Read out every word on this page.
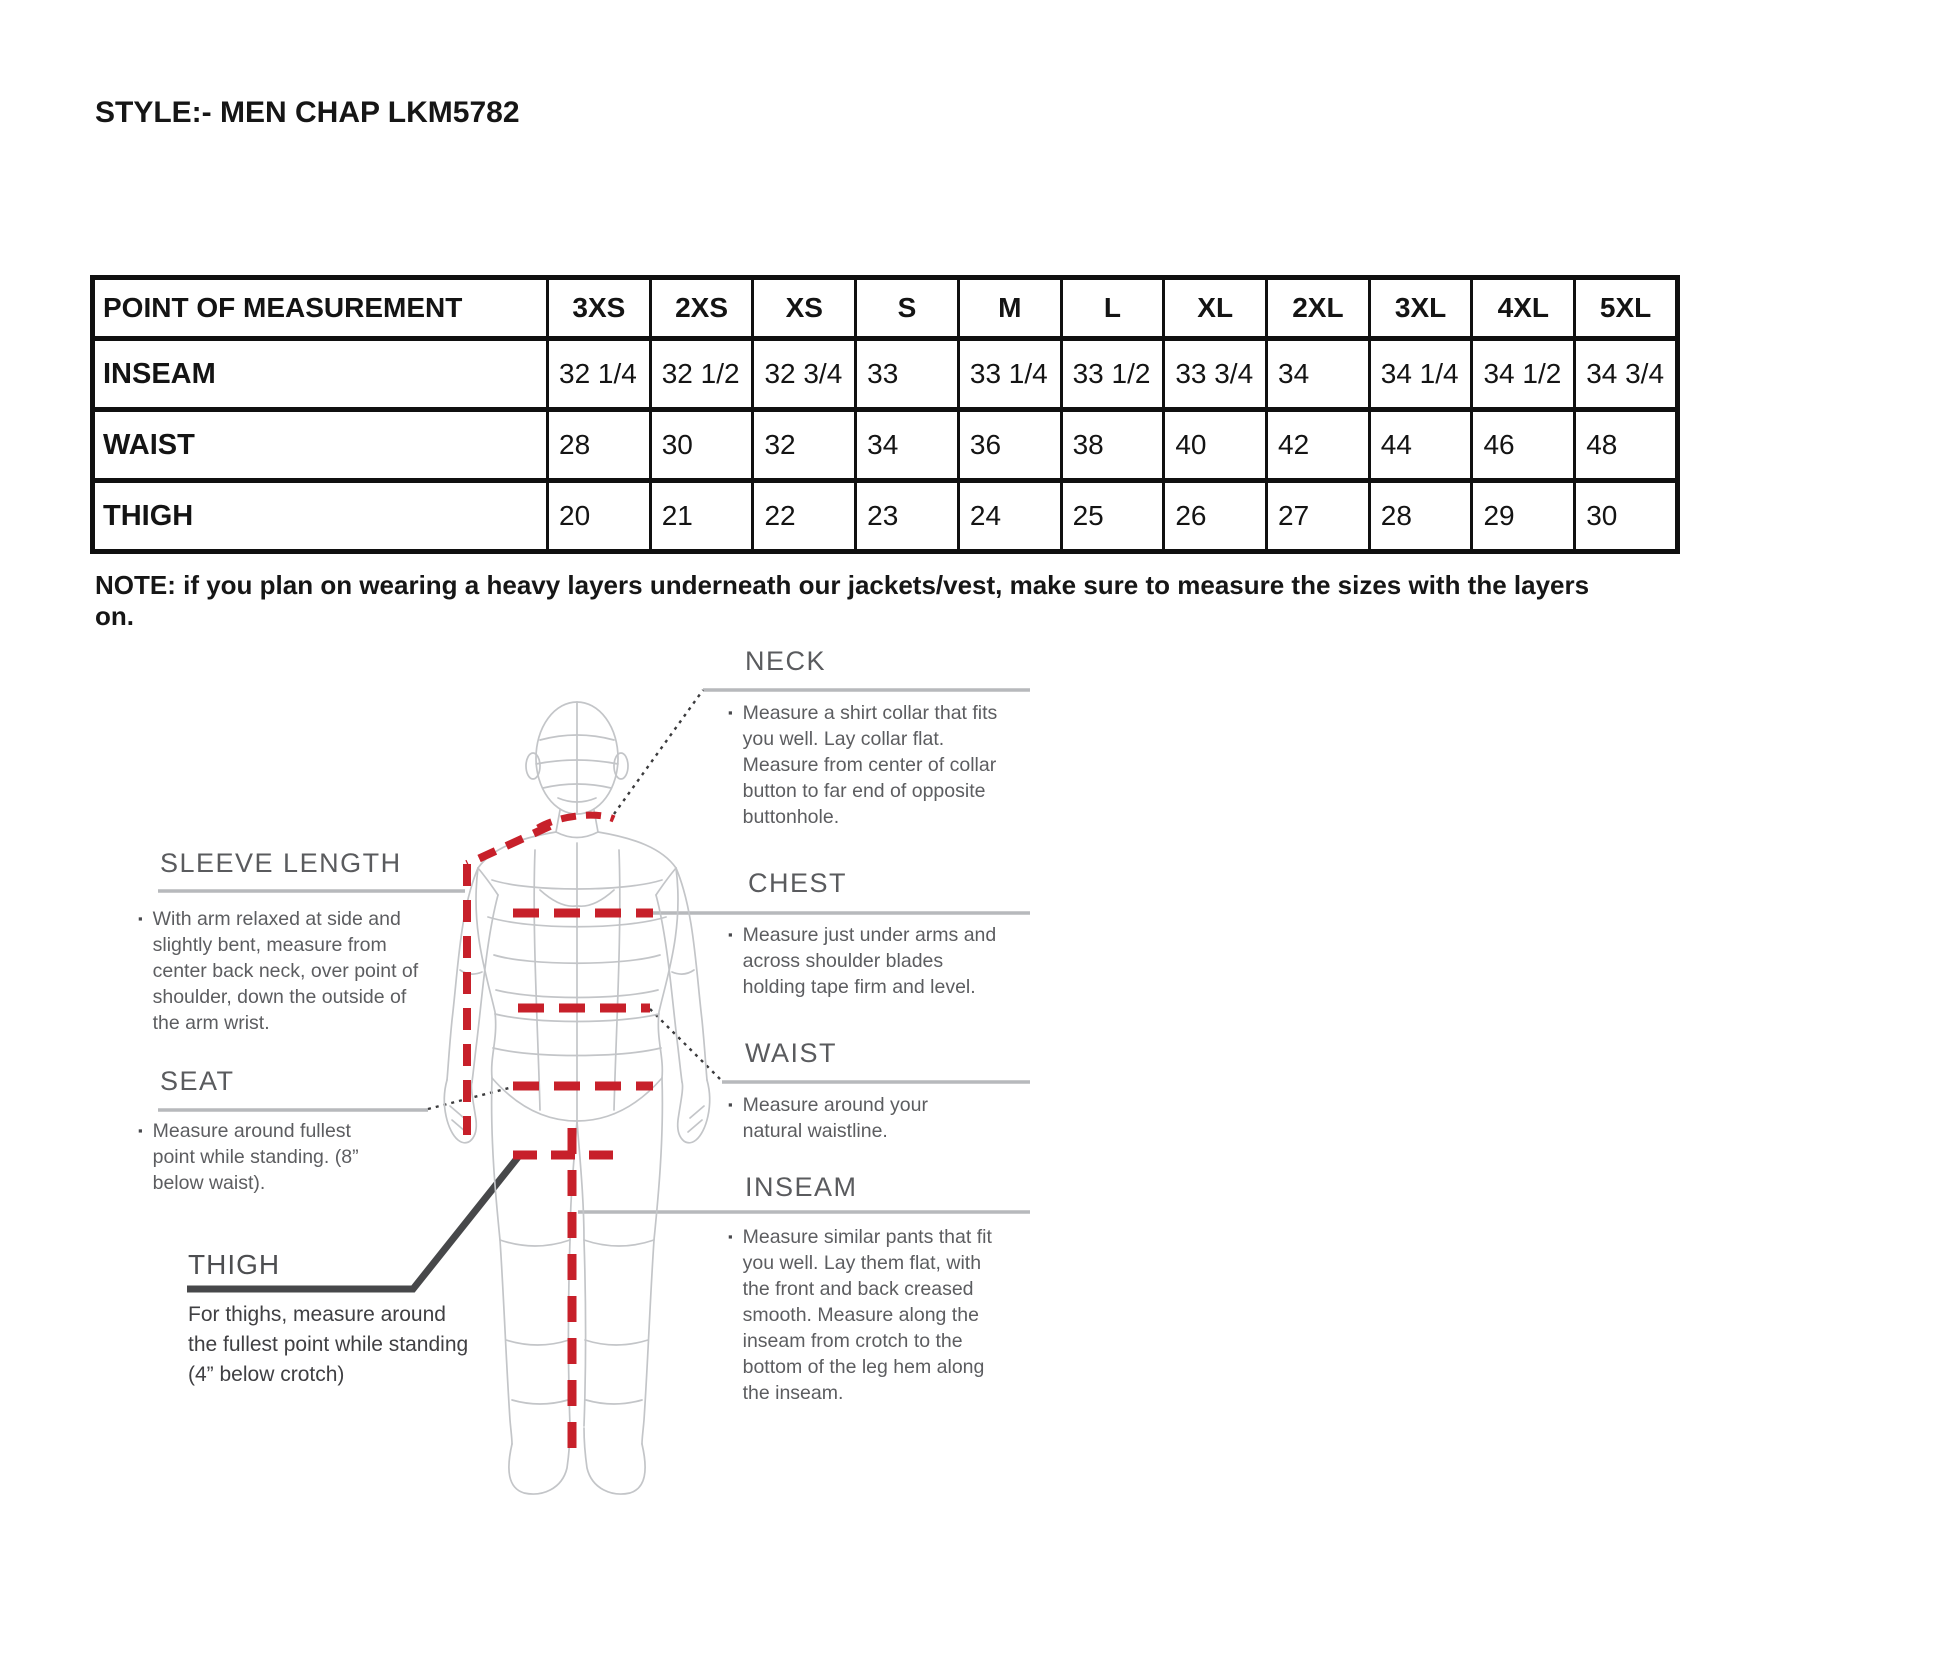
STYLE:- MEN CHAP LKM5782
POINT OF MEASUREMENT	3XS	2XS	XS	S	M	L	XL	2XL	3XL	4XL	5XL
INSEAM	32 1/4	32 1/2	32 3/4	33	33 1/4	33 1/2	33 3/4	34	34 1/4	34 1/2	34 3/4
WAIST	28	30	32	34	36	38	40	42	44	46	48
THIGH	20	21	22	23	24	25	26	27	28	29	30
NOTE: if you plan on wearing a heavy layers underneath our jackets/vest, make sure to measure the sizes with the layers on.
NECK
▪ Measure a shirt collar that fits you well. Lay collar flat. Measure from center of collar button to far end of opposite buttonhole.
CHEST
▪ Measure just under arms and across shoulder blades holding tape firm and level.
WAIST
▪ Measure around your natural waistline.
INSEAM
▪ Measure similar pants that fit you well. Lay them flat, with the front and back creased smooth. Measure along the inseam from crotch to the bottom of the leg hem along the inseam.
SLEEVE LENGTH
▪ With arm relaxed at side and slightly bent, measure from center back neck, over point of shoulder, down the outside of the arm wrist.
SEAT
▪ Measure around fullest point while standing. (8” below waist).
THIGH
For thighs, measure around the fullest point while standing (4” below crotch)
